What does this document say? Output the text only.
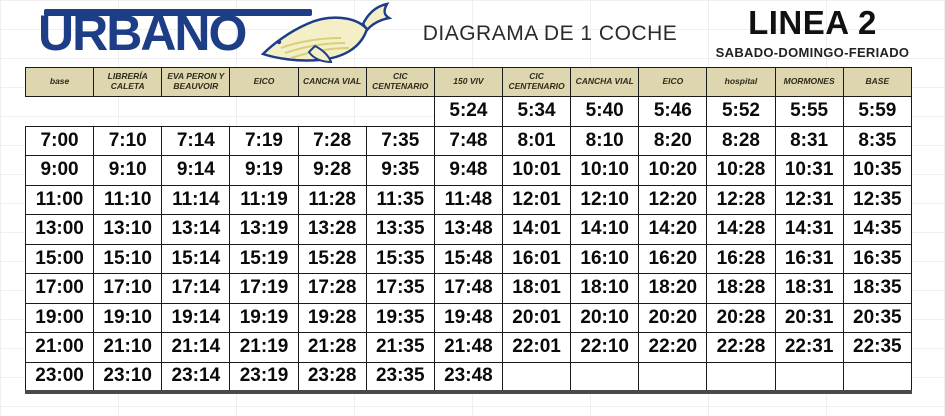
URBANO	DIAGRAMA DE 1 COCHE	LINEA 2
SABADO-DOMINGO-FERIADO
base	LIBRERÍA CALETA	EVA PERON Y BEAUVOIR	EICO	CANCHA VIAL	CIC CENTENARIO	150 VIV	CIC CENTENARIO	CANCHA VIAL	EICO	hospital	MORMONES	BASE
						5:24	5:34	5:40	5:46	5:52	5:55	5:59
7:00	7:10	7:14	7:19	7:28	7:35	7:48	8:01	8:10	8:20	8:28	8:31	8:35
9:00	9:10	9:14	9:19	9:28	9:35	9:48	10:01	10:10	10:20	10:28	10:31	10:35
11:00	11:10	11:14	11:19	11:28	11:35	11:48	12:01	12:10	12:20	12:28	12:31	12:35
13:00	13:10	13:14	13:19	13:28	13:35	13:48	14:01	14:10	14:20	14:28	14:31	14:35
15:00	15:10	15:14	15:19	15:28	15:35	15:48	16:01	16:10	16:20	16:28	16:31	16:35
17:00	17:10	17:14	17:19	17:28	17:35	17:48	18:01	18:10	18:20	18:28	18:31	18:35
19:00	19:10	19:14	19:19	19:28	19:35	19:48	20:01	20:10	20:20	20:28	20:31	20:35
21:00	21:10	21:14	21:19	21:28	21:35	21:48	22:01	22:10	22:20	22:28	22:31	22:35
23:00	23:10	23:14	23:19	23:28	23:35	23:48						
